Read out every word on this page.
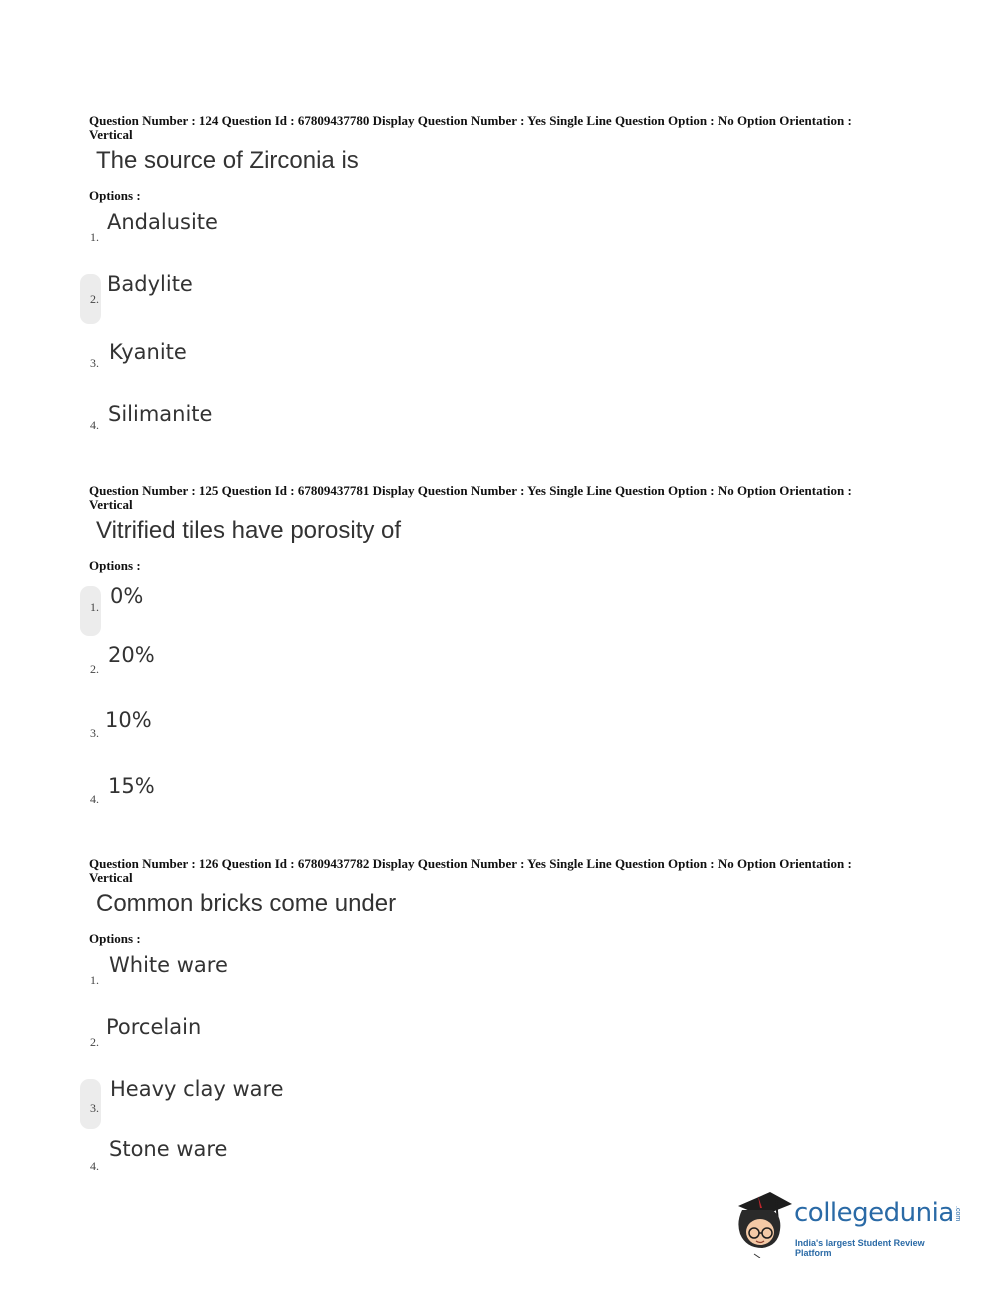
Question Number : 124 Question Id : 67809437780 Display Question Number : Yes Single Line Question Option : No Option Orientation : Vertical
The source of Zirconia is
Options :
1.
Andalusite
2.
Badylite
3. Kyanite
4. Silimanite
Question Number : 125 Question Id : 67809437781 Display Question Number : Yes Single Line Question Option : No Option Orientation : Vertical
Vitrified tiles have porosity of
Options :
1. 0%
2.
20%
3.
10%
4.
15%
Question Number : 126 Question Id : 67809437782 Display Question Number : Yes Single Line Question Option : No Option Orientation : Vertical
Common bricks come under
Options :
1.
White ware
2.
Porcelain
3.
Heavy clay ware
4.
Stone ware
collegedunia .com
India's largest Student Review Platform
